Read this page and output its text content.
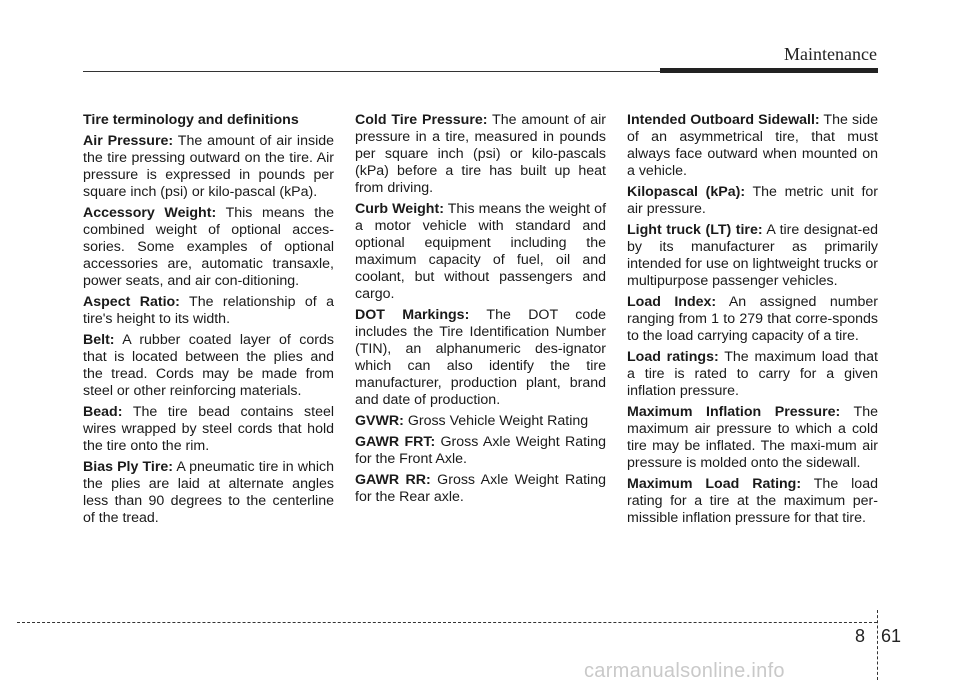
Maintenance
Tire terminology and definitions
Air Pressure: The amount of air inside the tire pressing outward on the tire. Air pressure is expressed in pounds per square inch (psi) or kilo-pascal (kPa).
Accessory Weight: This means the combined weight of optional acces-sories. Some examples of optional accessories are, automatic transaxle, power seats, and air con-ditioning.
Aspect Ratio: The relationship of a tire's height to its width.
Belt: A rubber coated layer of cords that is located between the plies and the tread. Cords may be made from steel or other reinforcing materials.
Bead: The tire bead contains steel wires wrapped by steel cords that hold the tire onto the rim.
Bias Ply Tire: A pneumatic tire in which the plies are laid at alternate angles less than 90 degrees to the centerline of the tread.
Cold Tire Pressure: The amount of air pressure in a tire, measured in pounds per square inch (psi) or kilo-pascals (kPa) before a tire has built up heat from driving.
Curb Weight: This means the weight of a motor vehicle with standard and optional equipment including the maximum capacity of fuel, oil and coolant, but without passengers and cargo.
DOT Markings: The DOT code includes the Tire Identification Number (TIN), an alphanumeric des-ignator which can also identify the tire manufacturer, production plant, brand and date of production.
GVWR: Gross Vehicle Weight Rating
GAWR FRT: Gross Axle Weight Rating for the Front Axle.
GAWR RR: Gross Axle Weight Rating for the Rear axle.
Intended Outboard Sidewall: The side of an asymmetrical tire, that must always face outward when mounted on a vehicle.
Kilopascal (kPa): The metric unit for air pressure.
Light truck (LT) tire: A tire designat-ed by its manufacturer as primarily intended for use on lightweight trucks or multipurpose passenger vehicles.
Load Index: An assigned number ranging from 1 to 279 that corre-sponds to the load carrying capacity of a tire.
Load ratings: The maximum load that a tire is rated to carry for a given inflation pressure.
Maximum Inflation Pressure: The maximum air pressure to which a cold tire may be inflated. The maxi-mum air pressure is molded onto the sidewall.
Maximum Load Rating: The load rating for a tire at the maximum per-missible inflation pressure for that tire.
8 61
carmanualsonline.info
